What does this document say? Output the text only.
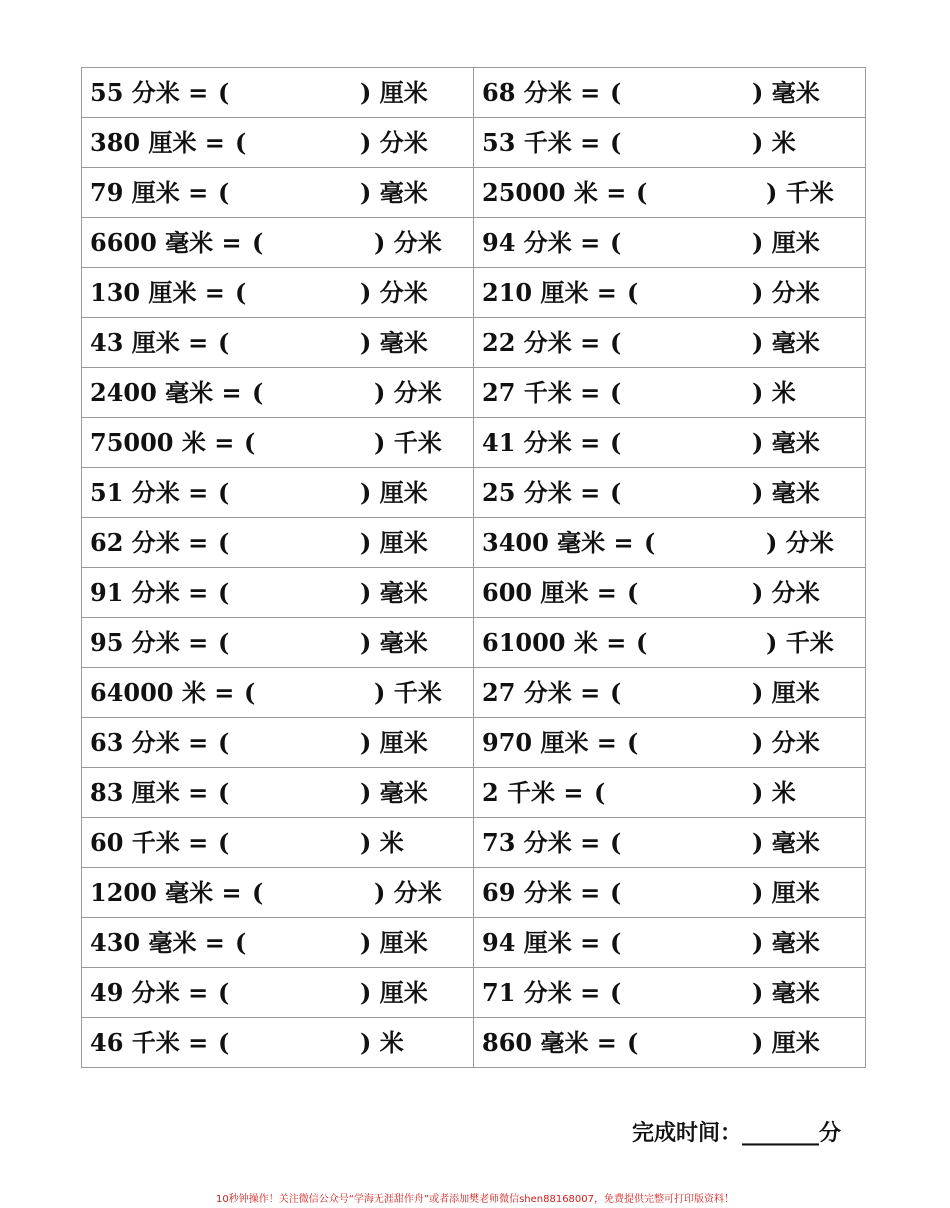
55 分米 = ( ) 厘米	68 分米 = ( ) 毫米

380 厘米 = ( ) 分米	53 千米 = ( ) 米

79 厘米 = ( ) 毫米	25000 米 = ( ) 千米

6600 毫米 = ( ) 分米	94 分米 = ( ) 厘米

130 厘米 = ( ) 分米	210 厘米 = ( ) 分米

43 厘米 = ( ) 毫米	22 分米 = ( ) 毫米

2400 毫米 = ( ) 分米	27 千米 = ( ) 米

75000 米 = ( ) 千米	41 分米 = ( ) 毫米

51 分米 = ( ) 厘米	25 分米 = ( ) 毫米

62 分米 = ( ) 厘米	3400 毫米 = ( ) 分米

91 分米 = ( ) 毫米	600 厘米 = ( ) 分米

95 分米 = ( ) 毫米	61000 米 = ( ) 千米

64000 米 = ( ) 千米	27 分米 = ( ) 厘米

63 分米 = ( ) 厘米	970 厘米 = ( ) 分米

83 厘米 = ( ) 毫米	2 千米 = ( ) 米

60 千米 = ( ) 米	73 分米 = ( ) 毫米

1200 毫米 = ( ) 分米	69 分米 = ( ) 厘米

430 毫米 = ( ) 厘米	94 厘米 = ( ) 毫米

49 分米 = ( ) 厘米	71 分米 = ( ) 毫米

46 千米 = ( ) 米	860 毫米 = ( ) 厘米
完成时间：_______分
10秒钟操作！关注微信公众号“学海无涯甜作舟”或者添加樊老师微信shen88168007，免费提供完整可打印版资料！
